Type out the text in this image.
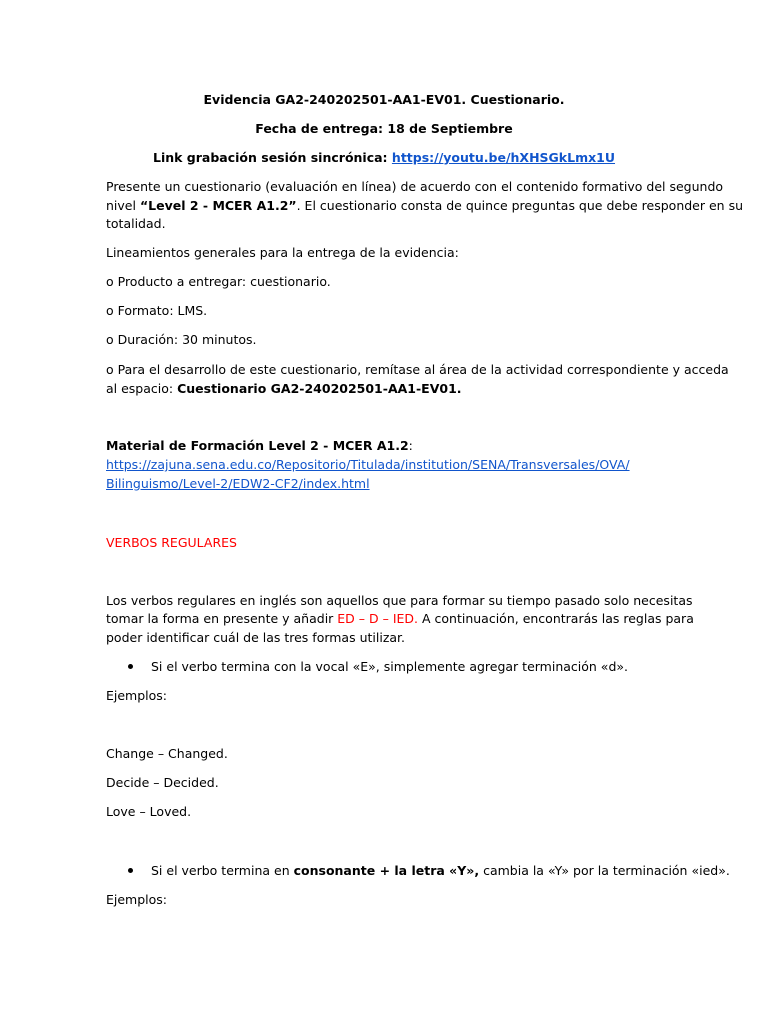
Evidencia GA2-240202501-AA1-EV01. Cuestionario.
Fecha de entrega: 18 de Septiembre
Link grabación sesión sincrónica: https://youtu.be/hXHSGkLmx1U
Presente un cuestionario (evaluación en línea) de acuerdo con el contenido formativo del segundo
nivel “Level 2 - MCER A1.2”. El cuestionario consta de quince preguntas que debe responder en su
totalidad.
Lineamientos generales para la entrega de la evidencia:
o Producto a entregar: cuestionario.
o Formato: LMS.
o Duración: 30 minutos.
o Para el desarrollo de este cuestionario, remítase al área de la actividad correspondiente y acceda
al espacio: Cuestionario GA2-240202501-AA1-EV01.
Material de Formación Level 2 - MCER A1.2:
https://zajuna.sena.edu.co/Repositorio/Titulada/institution/SENA/Transversales/OVA/
Bilinguismo/Level-2/EDW2-CF2/index.html
VERBOS REGULARES
Los verbos regulares en inglés son aquellos que para formar su tiempo pasado solo necesitas
tomar la forma en presente y añadir ED – D – IED. A continuación, encontrarás las reglas para
poder identificar cuál de las tres formas utilizar.
Si el verbo termina con la vocal «E», simplemente agregar terminación «d».
Ejemplos:
Change – Changed.
Decide – Decided.
Love – Loved.
Si el verbo termina en consonante + la letra «Y», cambia la «Y» por la terminación «ied».
Ejemplos:
